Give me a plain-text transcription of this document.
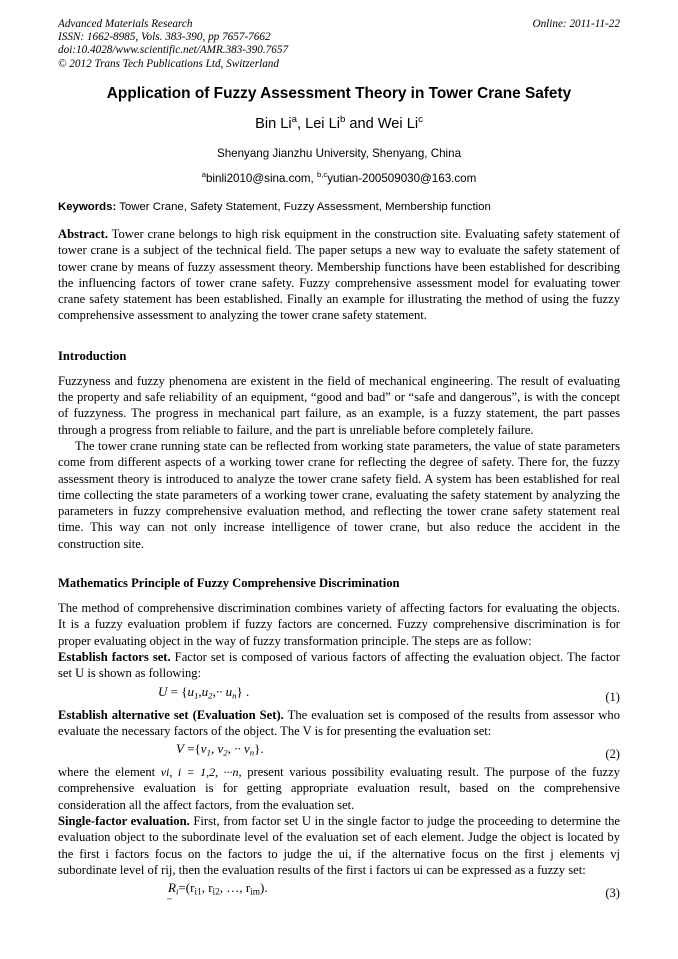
Advanced Materials Research
ISSN: 1662-8985, Vols. 383-390, pp 7657-7662
doi:10.4028/www.scientific.net/AMR.383-390.7657
© 2012 Trans Tech Publications Ltd, Switzerland
Online: 2011-11-22
Application of Fuzzy Assessment Theory in Tower Crane Safety
Bin Li$^a$, Lei Li$^b$ and Wei Li$^c$
Shenyang Jianzhu University, Shenyang, China
$^a$binli2010@sina.com, $^{b,c}$yutian-200509030@163.com
Keywords: Tower Crane, Safety Statement, Fuzzy Assessment, Membership function

Abstract. Tower crane belongs to high risk equipment in the construction site. Evaluating safety statement of tower crane is a subject of the technical field. The paper setups a new way to evaluate the safety statement of tower crane by means of fuzzy assessment theory. Membership functions have been established for describing the influencing factors of tower crane safety. Fuzzy comprehensive assessment model for evaluating tower crane safety statement has been established. Finally an example for illustrating the method of using the fuzzy comprehensive assessment to analyzing the tower crane safety statement.

Introduction

Fuzzyness and fuzzy phenomena are existent in the field of mechanical engineering. The result of evaluating the property and safe reliability of an equipment, “good and bad” or “safe and dangerous”, is with the concept of fuzzyness. The progress in mechanical part failure, as an example, is a fuzzy statement, the part passes through a progress from reliable to failure, and the part is unreliable before completely failure.

The tower crane running state can be reflected from working state parameters, the value of state parameters come from different aspects of a working tower crane for reflecting the degree of safety. There for, the fuzzy assessment theory is introduced to analyze the tower crane safety field. A system has been established for real time collecting the state parameters of a working tower crane, evaluating the safety statement by analyzing the parameters in fuzzy comprehensive evaluation method, and reflecting the tower crane safety statement real time. This way can not only increase intelligence of tower crane, but also reduce the accident in the construction site.

Mathematics Principle of Fuzzy Comprehensive Discrimination

The method of comprehensive discrimination combines variety of affecting factors for evaluating the objects. It is a fuzzy evaluation problem if fuzzy factors are concerned. Fuzzy comprehensive discrimination is for proper evaluating object in the way of fuzzy transformation principle. The steps are as follow:

Establish factors set. Factor set is composed of various factors of affecting the evaluation object. The factor set U is shown as following:

$U = \{u_1,u_2,\cdot\cdot u_n\}$ .	(1)

Establish alternative set (Evaluation Set). The evaluation set is composed of the results from assessor who evaluate the necessary factors of the object. The V is for presenting the evaluation set:

$V =\{v_1$, $v_2$, ·· $v_n$}.	(2)

where the element vi, i = 1,2, ···n, present various possibility evaluating result. The purpose of the fuzzy comprehensive evaluation is for getting appropriate evaluation result, based on the comprehensive consideration all the affect factors, from the evaluation set.

Single-factor evaluation. First, from factor set U in the single factor to judge the proceeding to determine the evaluation object to the subordinate level of the evaluation set of each element. Judge the object is located by the first i factors focus on the factors to judge the ui, if the alternative focus on the first j elements vj subordinate level of rij, then the evaluation results of the first i factors ui can be expressed as a fuzzy set:

R $\sim_i=(ri1$, ri2, …, rim).	(3)
